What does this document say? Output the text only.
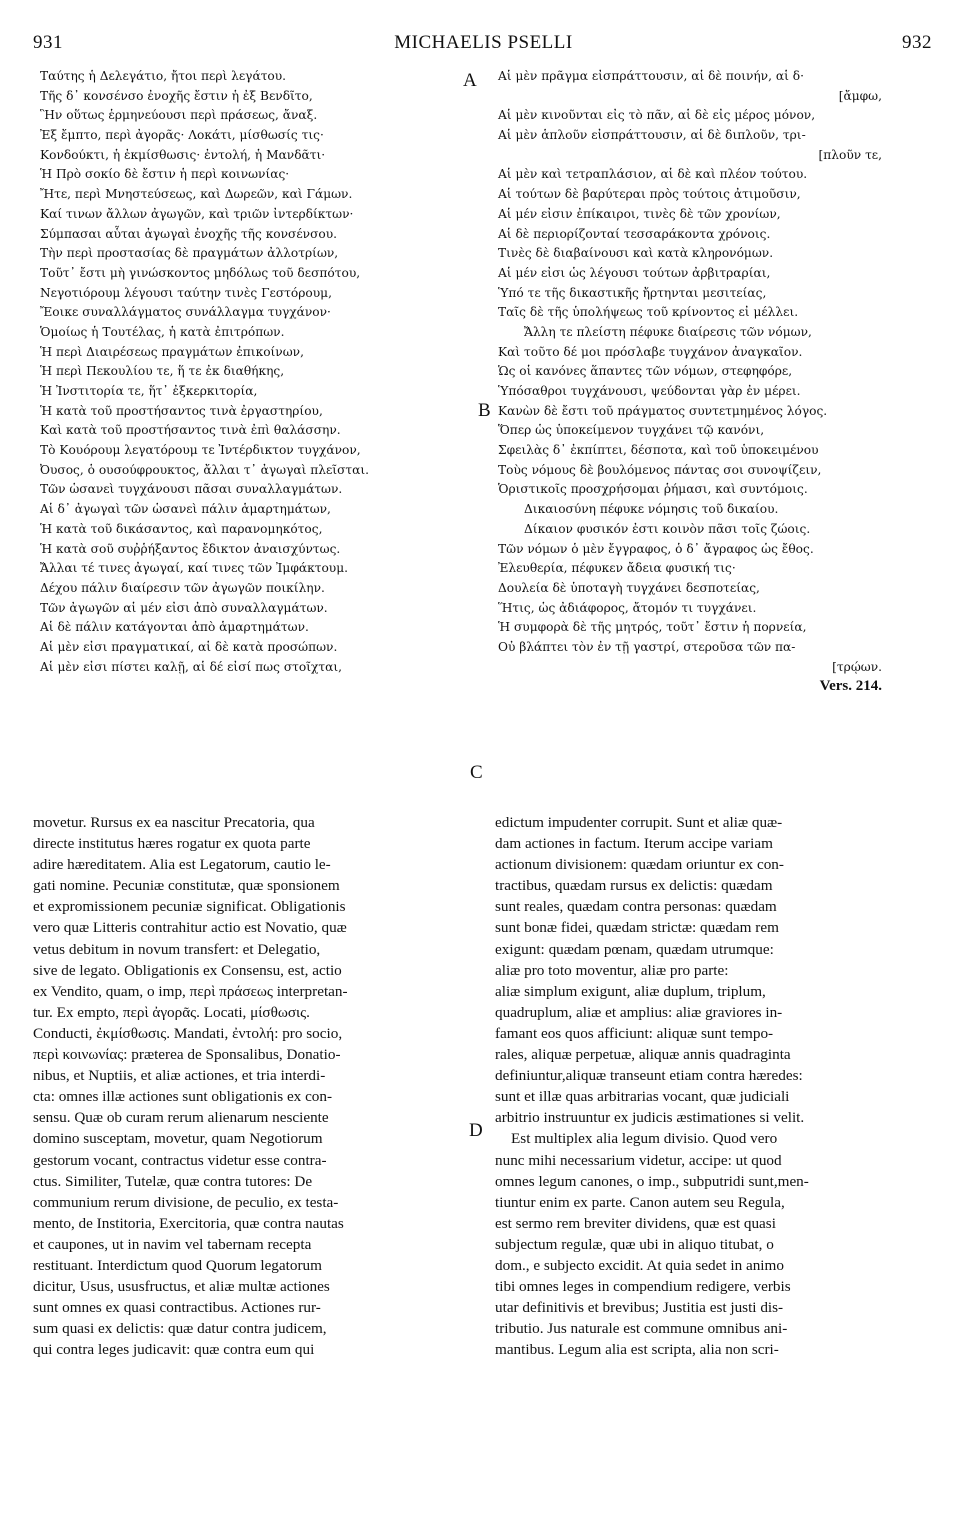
931	MICHAELIS PSELLI	932
A
B
C
D
Ταύτης ἡ Δελεγάτιο, ἤτοι περὶ λεγάτου.
Τῆς δ᾽ κονσένσο ἐνοχῆς ἔστιν ἡ ἐξ Βενδῖτο,
Ἣν οὕτως ἑρμηνεύουσι περὶ πράσεως, ἄναξ.
Ἐξ ἔμπτο, περὶ ἀγορᾶς· Λοκάτι, μίσθωσίς τις·
Κονδούκτι, ἡ ἐκμίσθωσις· ἐντολή, ἡ Μανδᾶτι·
Ἡ Πρὸ σοκίο δὲ ἔστιν ἡ περὶ κοινωνίας·
Ἤτε, περὶ Μνηστεύσεως, καὶ Δωρεῶν, καὶ Γάμων.
Καί τινων ἄλλων ἀγωγῶν, καὶ τριῶν ἰντερδίκτων·
Σύμπασαι αὗται ἀγωγαὶ ἐνοχῆς τῆς κονσένσου.
Τὴν περὶ προστασίας δὲ πραγμάτων ἀλλοτρίων,
Τοῦτ᾽ ἔστι μὴ γινώσκοντος μηδόλως τοῦ δεσπότου,
Νεγοτιόρουμ λέγουσι ταύτην τινὲς Γεστόρουμ,
Ἔοικε συναλλάγματος συνάλλαγμα τυγχάνον·
Ὁμοίως ἡ Τουτέλας, ἡ κατὰ ἐπιτρόπων.
Ἡ περὶ Διαιρέσεως πραγμάτων ἐπικοίνων,
Ἡ περὶ Πεκουλίου τε, ἥ τε ἐκ διαθήκης,
Ἡ Ἰνστιτορία τε, ἥτ᾽ ἐξκερκιτορία,
Ἡ κατὰ τοῦ προστήσαντος τινὰ ἐργαστηρίου,
Καὶ κατὰ τοῦ προστήσαντος τινὰ ἐπὶ θαλάσσην.
Τὸ Κουόρουμ λεγατόρουμ τε Ἰντέρδικτον τυγχάνον,
Ὀυσος, ὁ ουσούφρουκτος, ἄλλαι τ᾽ ἀγωγαὶ πλεῖσται.
Τῶν ὡσανεὶ τυγχάνουσι πᾶσαι συναλλαγμάτων.
Αἱ δ᾽ ἀγωγαὶ τῶν ὡσανεὶ πάλιν ἁμαρτημάτων,
Ἡ κατὰ τοῦ δικάσαντος, καὶ παρανομηκότος,
Ἡ κατὰ σοῦ συῤῥήξαντος ἔδικτον ἀναισχύντως.
Ἄλλαι τέ τινες ἀγωγαί, καί τινες τῶν Ἰμφάκτουμ.
Δέχου πάλιν διαίρεσιν τῶν ἀγωγῶν ποικίλην.
Τῶν ἀγωγῶν αἱ μέν εἰσι ἀπὸ συναλλαγμάτων.
Αἱ δὲ πάλιν κατάγονται ἀπὸ ἁμαρτημάτων.
Αἱ μὲν εἰσι πραγματικαί, αἱ δὲ κατὰ προσώπων.
Αἱ μὲν εἰσι πίστει καλῇ, αἱ δέ εἰσί πως στοῖχται,
Αἱ μὲν πρᾶγμα εἰσπράττουσιν, αἱ δὲ ποινήν, αἱ δ·
[ἄμφω,
Αἱ μὲν κινοῦνται εἰς τὸ πᾶν, αἱ δὲ εἰς μέρος μόνον,
Αἱ μὲν ἁπλοῦν εἰσπράττουσιν, αἱ δὲ διπλοῦν, τρι-
[πλοῦν τε,
Αἱ μὲν καὶ τετραπλάσιον, αἱ δὲ καὶ πλέον τούτου.
Αἱ τούτων δὲ βαρύτεραι πρὸς τούτοις ἀτιμοῦσιν,
Αἱ μέν εἰσιν ἐπίκαιροι, τινὲς δὲ τῶν χρονίων,
Αἱ δὲ περιορίζονταί τεσσαράκοντα χρόνοις.
Τινὲς δὲ διαβαίνουσι καὶ κατὰ κληρονόμων.
Αἱ μέν εἰσι ὡς λέγουσι τούτων ἀρβιτραρίαι,
Ὑπό τε τῆς δικαστικῆς ἤρτηνται μεσιτείας,
Ταῖς δὲ τῆς ὑπολήψεως τοῦ κρίνοντος εἰ μέλλει.
Ἄλλη τε πλείστη πέφυκε διαίρεσις τῶν νόμων,
Καὶ τοῦτο δέ μοι πρόσλαβε τυγχάνον ἀναγκαῖον.
Ὡς οἱ κανόνες ἅπαντες τῶν νόμων, στεφηφόρε,
Ὑπόσαθροι τυγχάνουσι, ψεύδονται γὰρ ἐν μέρει.
Κανὼν δὲ ἔστι τοῦ πράγματος συντετμημένος λόγος.
Ὅπερ ὡς ὑποκείμενον τυγχάνει τῷ κανόνι,
Σφειλὰς δ᾽ ἐκπίπτει, δέσποτα, καὶ τοῦ ὑποκειμένου
Τοὺς νόμους δὲ βουλόμενος πάντας σοι συνοψίζειν,
Ὁριστικοῖς προσχρήσομαι ῥήμασι, καὶ συντόμοις.
Δικαιοσύνη πέφυκε νόμησις τοῦ δικαίου.
Δίκαιον φυσικόν ἐστι κοινὸν πᾶσι τοῖς ζώοις.
Τῶν νόμων ὁ μὲν ἔγγραφος, ὁ δ᾽ ἄγραφος ὡς ἔθος.
Ἐλευθερία, πέφυκεν ἄδεια φυσική τις·
Δουλεία δὲ ὑποταγὴ τυγχάνει δεσποτείας,
Ἥτις, ὡς ἀδιάφορος, ἄτομόν τι τυγχάνει.
Ἡ συμφορὰ δὲ τῆς μητρός, τοῦτ᾽ ἔστιν ἡ πορνεία,
Οὐ βλάπτει τὸν ἐν τῇ γαστρί, στεροῦσα τῶν πα-
[τρῴων.
Vers. 214.
movetur. Rursus ex ea nascitur Precatoria, qua
directe institutus hæres rogatur ex quota parte
adire hæreditatem. Alia est Legatorum, cautio le-
gati nomine. Pecuniæ constitutæ, quæ sponsionem
et expromissionem pecuniæ significat. Obligationis
vero quæ Litteris contrahitur actio est Novatio, quæ
vetus debitum in novum transfert: et Delegatio,
sive de legato. Obligationis ex Consensu, est, actio
ex Vendito, quam, o imp, περὶ πράσεως interpretan-
tur. Ex empto, περὶ ἀγορᾶς. Locati, μίσθωσις.
Conducti, ἐκμίσθωσις. Mandati, ἐντολή: pro socio,
περὶ κοινωνίας: præterea de Sponsalibus, Donatio-
nibus, et Nuptiis, et aliæ actiones, et tria interdi-
cta: omnes illæ actiones sunt obligationis ex con-
sensu. Quæ ob curam rerum alienarum nesciente
domino susceptam, movetur, quam Negotiorum
gestorum vocant, contractus videtur esse contra-
ctus. Similiter, Tutelæ, quæ contra tutores: De
communium rerum divisione, de peculio, ex testa-
mento, de Institoria, Exercitoria, quæ contra nautas
et caupones, ut in navim vel tabernam recepta
restituant. Interdictum quod Quorum legatorum
dicitur, Usus, ususfructus, et aliæ multæ actiones
sunt omnes ex quasi contractibus. Actiones rur-
sum quasi ex delictis: quæ datur contra judicem,
qui contra leges judicavit: quæ contra eum qui
edictum impudenter corrupit. Sunt et aliæ quæ-
dam actiones in factum. Iterum accipe variam
actionum divisionem: quædam oriuntur ex con-
tractibus, quædam rursus ex delictis: quædam
sunt reales, quædam contra personas: quædam
sunt bonæ fidei, quædam strictæ: quædam rem
exigunt: quædam pœnam, quædam utrumque:
aliæ pro toto moventur, aliæ pro parte:
aliæ simplum exigunt, aliæ duplum, triplum,
quadruplum, aliæ et amplius: aliæ graviores in-
famant eos quos afficiunt: aliquæ sunt tempo-
rales, aliquæ perpetuæ, aliquæ annis quadraginta
definiuntur,aliquæ transeunt etiam contra hæredes:
sunt et illæ quas arbitrarias vocant, quæ judiciali
arbitrio instruuntur ex judicis æstimationes si velit.
Est multiplex alia legum divisio. Quod vero
nunc mihi necessarium videtur, accipe: ut quod
omnes legum canones, o imp., subputridi sunt,men-
tiuntur enim ex parte. Canon autem seu Regula,
est sermo rem breviter dividens, quæ est quasi
subjectum regulæ, quæ ubi in aliquo titubat, o
dom., e subjecto excidit. At quia sedet in animo
tibi omnes leges in compendium redigere, verbis
utar definitivis et brevibus; Justitia est justi dis-
tributio. Jus naturale est commune omnibus ani-
mantibus. Legum alia est scripta, alia non scri-
